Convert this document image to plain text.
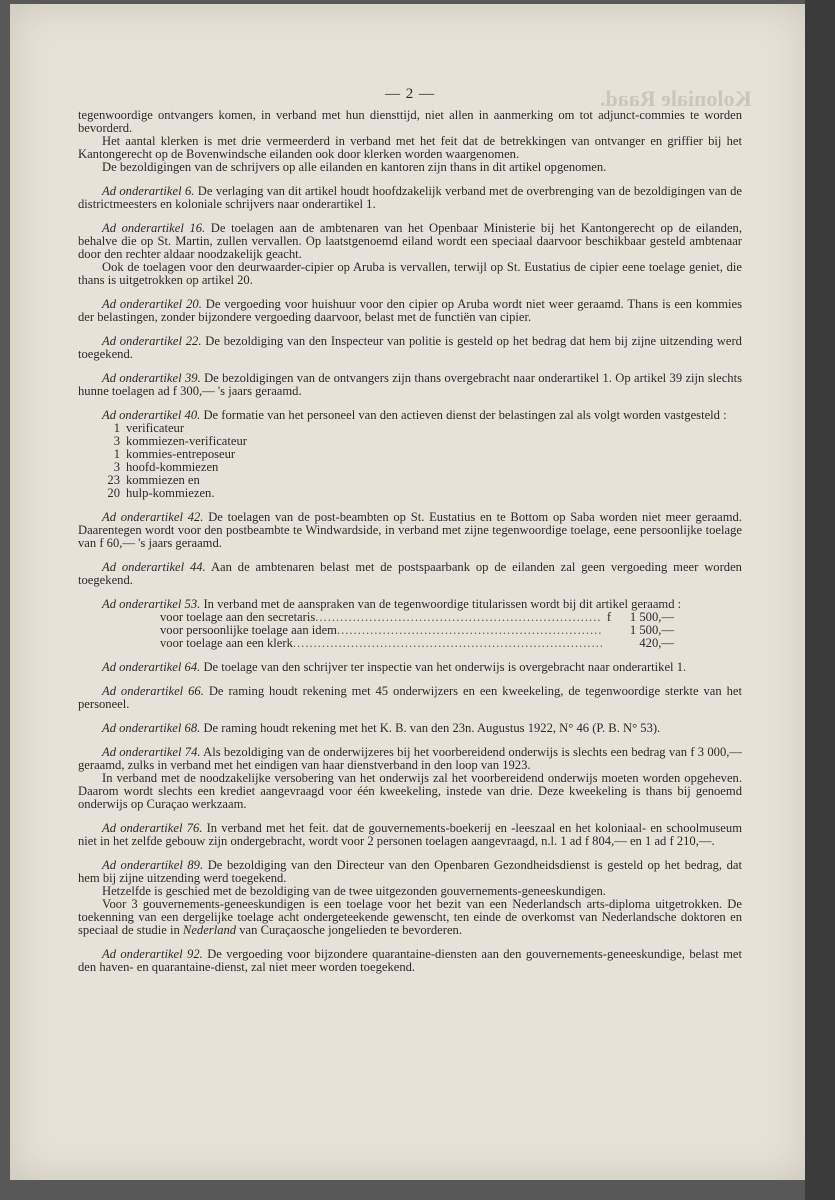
Koloniale Raad.
— 2 —

tegenwoordige ontvangers komen, in verband met hun diensttijd, niet allen in aanmerking om tot adjunct-commies te worden bevorderd.

Het aantal klerken is met drie vermeerderd in verband met het feit dat de betrekkingen van ontvanger en griffier bij het Kantongerecht op de Bovenwindsche eilanden ook door klerken worden waargenomen.

De bezoldigingen van de schrijvers op alle eilanden en kantoren zijn thans in dit artikel opgenomen.

Ad onderartikel 6. De verlaging van dit artikel houdt hoofdzakelijk verband met de overbrenging van de bezoldigingen van de districtmeesters en koloniale schrijvers naar onderartikel 1.

Ad onderartikel 16. De toelagen aan de ambtenaren van het Openbaar Ministerie bij het Kantongerecht op de eilanden, behalve die op St. Martin, zullen vervallen. Op laatstgenoemd eiland wordt een speciaal daarvoor beschikbaar gesteld ambtenaar door den rechter aldaar noodzakelijk geacht.

Ook de toelagen voor den deurwaarder-cipier op Aruba is vervallen, terwijl op St. Eustatius de cipier eene toelage geniet, die thans is uitgetrokken op artikel 20.

Ad onderartikel 20. De vergoeding voor huishuur voor den cipier op Aruba wordt niet weer geraamd. Thans is een kommies der belastingen, zonder bijzondere vergoeding daarvoor, belast met de functiën van cipier.

Ad onderartikel 22. De bezoldiging van den Inspecteur van politie is gesteld op het bedrag dat hem bij zijne uitzending werd toegekend.

Ad onderartikel 39. De bezoldigingen van de ontvangers zijn thans overgebracht naar onderartikel 1. Op artikel 39 zijn slechts hunne toelagen ad f 300,— 's jaars geraamd.

Ad onderartikel 40. De formatie van het personeel van den actieven dienst der belastingen zal als volgt worden vastgesteld :

1 verificateur
3 kommiezen-verificateur
1 kommies-entreposeur
3 hoofd-kommiezen
23 kommiezen en
20 hulp-kommiezen.

Ad onderartikel 42. De toelagen van de post-beambten op St. Eustatius en te Bottom op Saba worden niet meer geraamd. Daarentegen wordt voor den postbeambte te Windwardside, in verband met zijne tegenwoordige toelage, eene persoonlijke toelage van f 60,— 's jaars geraamd.

Ad onderartikel 44. Aan de ambtenaren belast met de postspaarbank op de eilanden zal geen vergoeding meer worden toegekend.

Ad onderartikel 53. In verband met de aanspraken van de tegenwoordige titularissen wordt bij dit artikel geraamd :

voor toelage aan den secretaris .....	f	1 500,—
voor persoonlijke toelage aan idem .....	1 500,—
voor toelage aan een klerk .....	420,—

Ad onderartikel 64. De toelage van den schrijver ter inspectie van het onderwijs is overgebracht naar onderartikel 1.

Ad onderartikel 66. De raming houdt rekening met 45 onderwijzers en een kweekeling, de tegenwoordige sterkte van het personeel.

Ad onderartikel 68. De raming houdt rekening met het K. B. van den 23n. Augustus 1922, N° 46 (P. B. N° 53).

Ad onderartikel 74. Als bezoldiging van de onderwijzeres bij het voorbereidend onderwijs is slechts een bedrag van f 3 000,— geraamd, zulks in verband met het eindigen van haar dienstverband in den loop van 1923.

In verband met de noodzakelijke versobering van het onderwijs zal het voorbereidend onderwijs moeten worden opgeheven. Daarom wordt slechts een krediet aangevraagd voor één kweekeling, instede van drie. Deze kweekeling is thans bij genoemd onderwijs op Curaçao werkzaam.

Ad onderartikel 76. In verband met het feit. dat de gouvernements-boekerij en -leeszaal en het koloniaal- en schoolmuseum niet in het zelfde gebouw zijn ondergebracht, wordt voor 2 personen toelagen aangevraagd, n.l. 1 ad f 804,— en 1 ad f 210,—.

Ad onderartikel 89. De bezoldiging van den Directeur van den Openbaren Gezondheidsdienst is gesteld op het bedrag, dat hem bij zijne uitzending werd toegekend.

Hetzelfde is geschied met de bezoldiging van de twee uitgezonden gouvernements-geneeskundigen.

Voor 3 gouvernements-geneeskundigen is een toelage voor het bezit van een Nederlandsch arts-diploma uitgetrokken. De toekenning van een dergelijke toelage acht ondergeteekende gewenscht, ten einde de overkomst van Nederlandsche doktoren en speciaal de studie in Nederland van Curaçaosche jongelieden te bevorderen.

Ad onderartikel 92. De vergoeding voor bijzondere quarantaine-diensten aan den gouvernements-geneeskundige, belast met den haven- en quarantaine-dienst, zal niet meer worden toegekend.
